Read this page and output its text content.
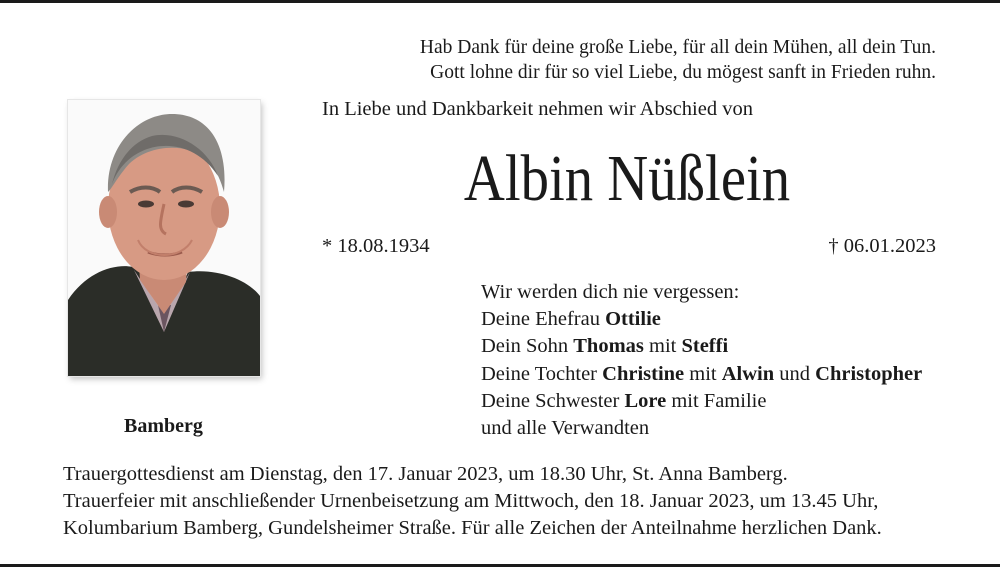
Hab Dank für deine große Liebe, für all dein Mühen, all dein Tun.
Gott lohne dir für so viel Liebe, du mögest sanft in Frieden ruhn.
In Liebe und Dankbarkeit nehmen wir Abschied von
Albin Nüßlein
* 18.08.1934	† 06.01.2023
Wir werden dich nie vergessen:
Deine Ehefrau Ottilie
Dein Sohn Thomas mit Steffi
Deine Tochter Christine mit Alwin und Christopher
Deine Schwester Lore mit Familie
und alle Verwandten
Bamberg
Trauergottesdienst am Dienstag, den 17. Januar 2023, um 18.30 Uhr, St. Anna Bamberg.
Trauerfeier mit anschließender Urnenbeisetzung am Mittwoch, den 18. Januar 2023, um 13.45 Uhr,
Kolumbarium Bamberg, Gundelsheimer Straße. Für alle Zeichen der Anteilnahme herzlichen Dank.
